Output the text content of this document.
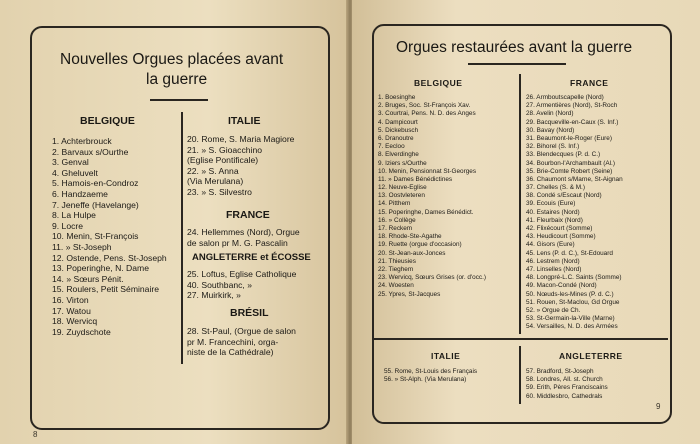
Nouvelles Orgues placées avant
la guerre
BELGIQUE
1. Achterbrouck
2. Barvaux s/Ourthe
3. Genval
4. Gheluvelt
5. Hamois-en-Condroz
6. Handzaeme
7. Jeneffe (Havelange)
8. La Hulpe
9. Locre
10. Menin, St-François
11. » St-Joseph
12. Ostende, Pens. St-Joseph
13. Poperinghe, N. Dame
14. » Sœurs Pénit.
15. Roulers, Petit Séminaire
16. Virton
17. Watou
18. Wervicq
19. Zuydschote
ITALIE
20. Rome, S. Maria Magiore
21. » S. Gioacchino
(Eglise Pontificale)
22. » S. Anna
(Via Merulana)
23. » S. Silvestro
FRANCE
24. Hellemmes (Nord), Orgue
de salon pr M. G. Pascalin
ANGLETERRE et ÉCOSSE
25. Loftus, Eglise Catholique
40. Southbanc, »
27. Muirkirk, »
BRÉSIL
28. St-Paul, (Orgue de salon
pr M. Francechini, orga-
niste de la Cathédrale)
8
Orgues restaurées avant la guerre
BELGIQUE
1. Boesinghe
2. Bruges, Soc. St-François Xav.
3. Courtrai, Pens. N. D. des Anges
4. Dampicourt
5. Dickebusch
6. Dranoutre
7. Eecloo
8. Elverdinghe
9. Iziers s/Ourthe
10. Menin, Pensionnat St-Georges
11. » Dames Bénédictines
12. Neuve-Eglise
13. Oostvleteren
14. Pitthem
15. Poperinghe, Dames Bénédict.
16. » Collège
17. Reckem
18. Rhode-Ste-Agathe
19. Ruette (orgue d'occasion)
20. St-Jean-aux-Jonces
21. Thieusies
22. Tieghem
23. Wervicq, Sœurs Grises (or. d'occ.)
24. Woesten
25. Ypres, St-Jacques
FRANCE
26. Armboutscapelle (Nord)
27. Armentières (Nord), St-Roch
28. Avelin (Nord)
29. Bacqueville-en-Caux (S. Inf.)
30. Bavay (Nord)
31. Beaumont-le-Roger (Eure)
32. Bihorel (S. Inf.)
33. Blendecques (P. d. C.)
34. Bourbon-l'Archambault (Al.)
35. Brie-Comte Robert (Seine)
36. Chaumont s/Marne, St-Aignan
37. Chelles (S. & M.)
38. Condé s/Escaut (Nord)
39. Ecouis (Eure)
40. Estaires (Nord)
41. Fleurbaix (Nord)
42. Flixécourt (Somme)
43. Heudicourt (Somme)
44. Gisors (Eure)
45. Lens (P. d. C.), St-Edouard
46. Lestrem (Nord)
47. Linselles (Nord)
48. Longpré-L.C. Saints (Somme)
49. Macon-Condé (Nord)
50. Nœuds-les-Mines (P. d. C.)
51. Rouen, St-Maclou, Gd Orgue
52. » Orgue de Ch.
53. St-Germain-la-Ville (Marne)
54. Versailles, N. D. des Armées
ITALIE
55. Rome, St-Louis des Français
56. » St-Alph. (Via Merulana)
ANGLETERRE
57. Bradford, St-Joseph
58. Londres, All. st. Church
59. Erith, Pères Franciscains
60. Middlesbro, Cathedrals
9
